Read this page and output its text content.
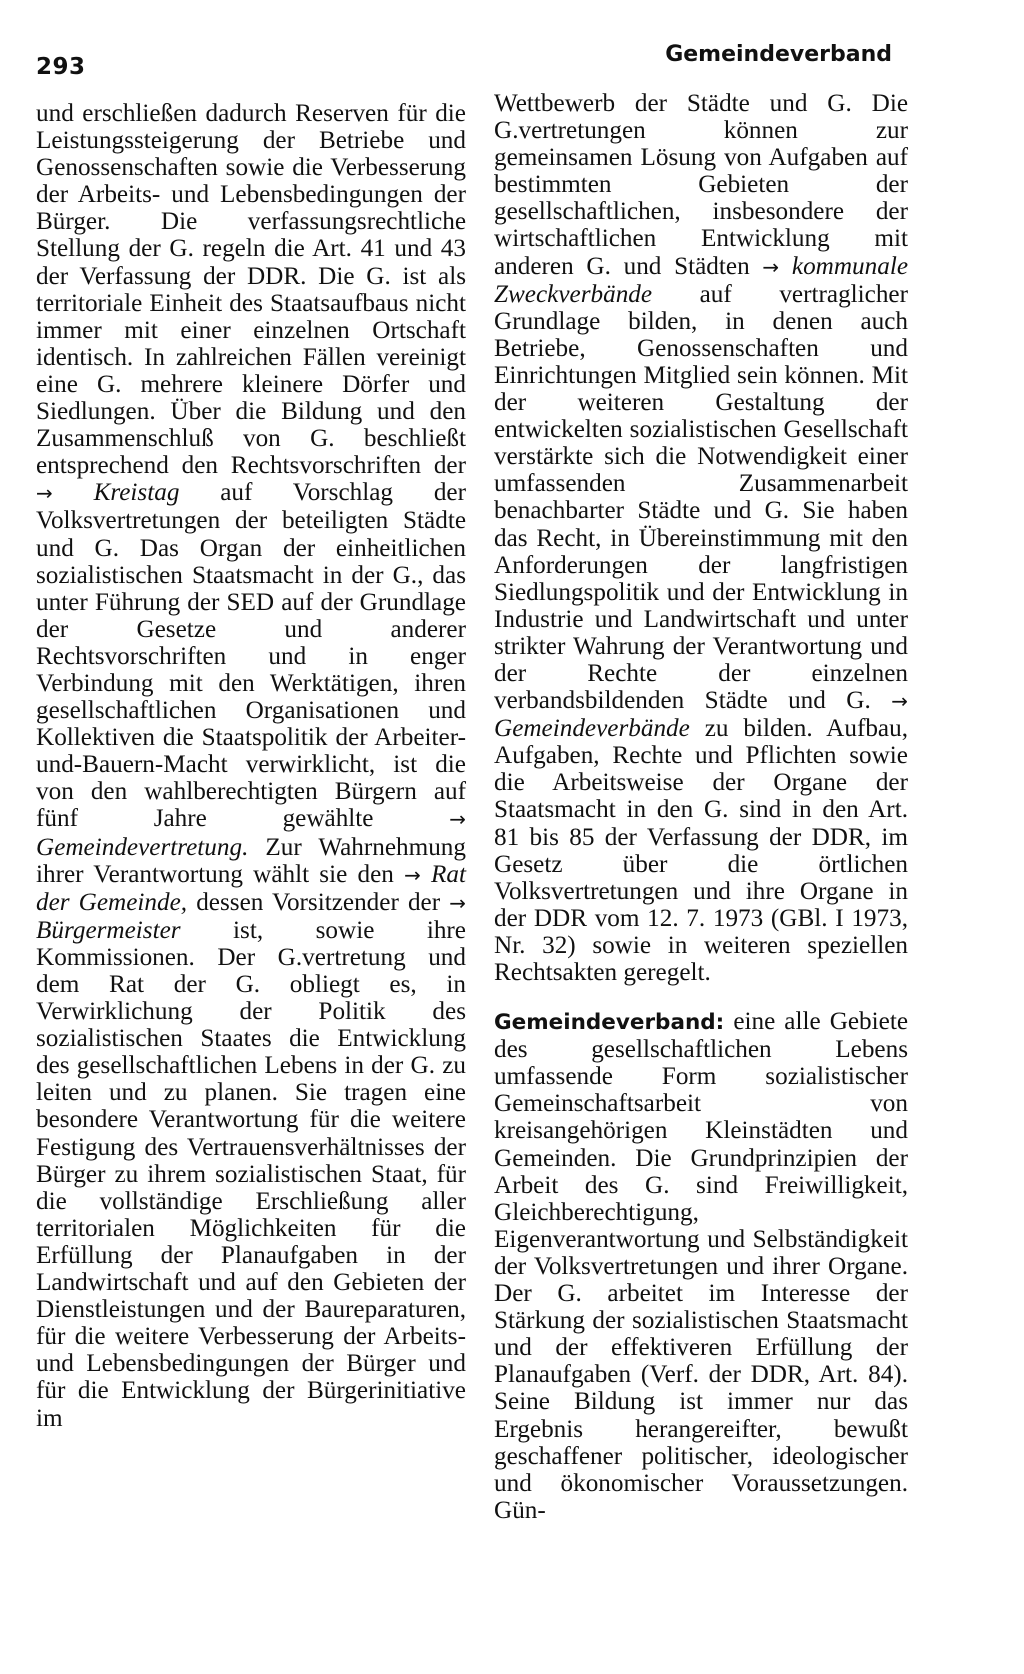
293	Gemeindeverband

und erschließen dadurch Reserven für die Leistungssteigerung der Betriebe und Genossenschaften sowie die Verbesserung der Arbeits- und Lebensbedingungen der Bürger. Die verfassungsrechtliche Stellung der G. regeln die Art. 41 und 43 der Verfassung der DDR. Die G. ist als territoriale Einheit des Staatsaufbaus nicht immer mit einer einzelnen Ortschaft identisch. In zahlreichen Fällen vereinigt eine G. mehrere kleinere Dörfer und Siedlungen. Über die Bildung und den Zusammenschluß von G. beschließt entsprechend den Rechtsvorschriften der → Kreistag auf Vorschlag der Volksvertretungen der beteiligten Städte und G. Das Organ der einheitlichen sozialistischen Staatsmacht in der G., das unter Führung der SED auf der Grundlage der Gesetze und anderer Rechtsvorschriften und in enger Verbindung mit den Werktätigen, ihren gesellschaftlichen Organisationen und Kollektiven die Staatspolitik der Arbeiter-und-Bauern-Macht verwirklicht, ist die von den wahlberechtigten Bürgern auf fünf Jahre gewählte	→ Gemeindevertretung. Zur Wahrnehmung ihrer Verantwortung wählt sie den → Rat der Gemeinde, dessen Vorsitzender der → Bürgermeister ist, sowie ihre Kommissionen. Der G.vertretung und dem Rat der G. obliegt es, in Verwirklichung der Politik des sozialistischen Staates die Entwicklung des gesellschaftlichen Lebens in der G. zu leiten und zu planen. Sie tragen eine besondere Verantwortung für die weitere Festigung des Vertrauensverhältnisses der Bürger zu ihrem sozialistischen Staat, für die vollständige Erschließung aller territorialen Möglichkeiten für die Erfüllung der Planaufgaben in der Landwirtschaft und auf den Gebieten der Dienstleistungen und der Baureparaturen, für die weitere Verbesserung der Arbeits- und Lebensbedingungen der Bürger und für die Entwicklung der Bürgerinitiative im

Wettbewerb der Städte und G. Die G.vertretungen können zur gemeinsamen Lösung von Aufgaben auf bestimmten Gebieten der gesellschaftlichen, insbesondere der wirtschaftlichen Entwicklung mit anderen G. und Städten → kommunale Zweckverbände auf vertraglicher Grundlage bilden, in denen auch Betriebe, Genossenschaften und Einrichtungen Mitglied sein können. Mit der weiteren Gestaltung der entwickelten sozialistischen Gesellschaft verstärkte sich die Notwendigkeit einer umfassenden Zusammenarbeit benachbarter Städte und G. Sie haben das Recht, in Übereinstimmung mit den Anforderungen der langfristigen Siedlungspolitik und der Entwicklung in Industrie und Landwirtschaft und unter strikter Wahrung der Verantwortung und der Rechte der einzelnen verbandsbildenden Städte und G. → Gemeindeverbände zu bilden. Aufbau, Aufgaben, Rechte und Pflichten sowie die Arbeitsweise der Organe der Staatsmacht in den G. sind in den Art. 81 bis 85 der Verfassung der DDR, im Gesetz über die örtlichen Volksvertretungen und ihre Organe in der DDR vom 12. 7. 1973 (GBl. I 1973, Nr. 32) sowie in weiteren speziellen Rechtsakten geregelt.

Gemeindeverband: eine alle Gebiete des gesellschaftlichen Lebens umfassende Form sozialistischer Gemeinschaftsarbeit von kreisangehörigen Kleinstädten und Gemeinden. Die Grundprinzipien der Arbeit des G. sind Freiwilligkeit, Gleichberechtigung, Eigenverantwortung und Selbständigkeit der Volksvertretungen und ihrer Organe. Der G. arbeitet im Interesse der Stärkung der sozialistischen Staatsmacht und der effektiveren Erfüllung der Planaufgaben (Verf. der DDR, Art. 84). Seine Bildung ist immer nur das Ergebnis herangereifter, bewußt geschaffener politischer, ideologischer und ökonomischer Voraussetzungen. Gün-
